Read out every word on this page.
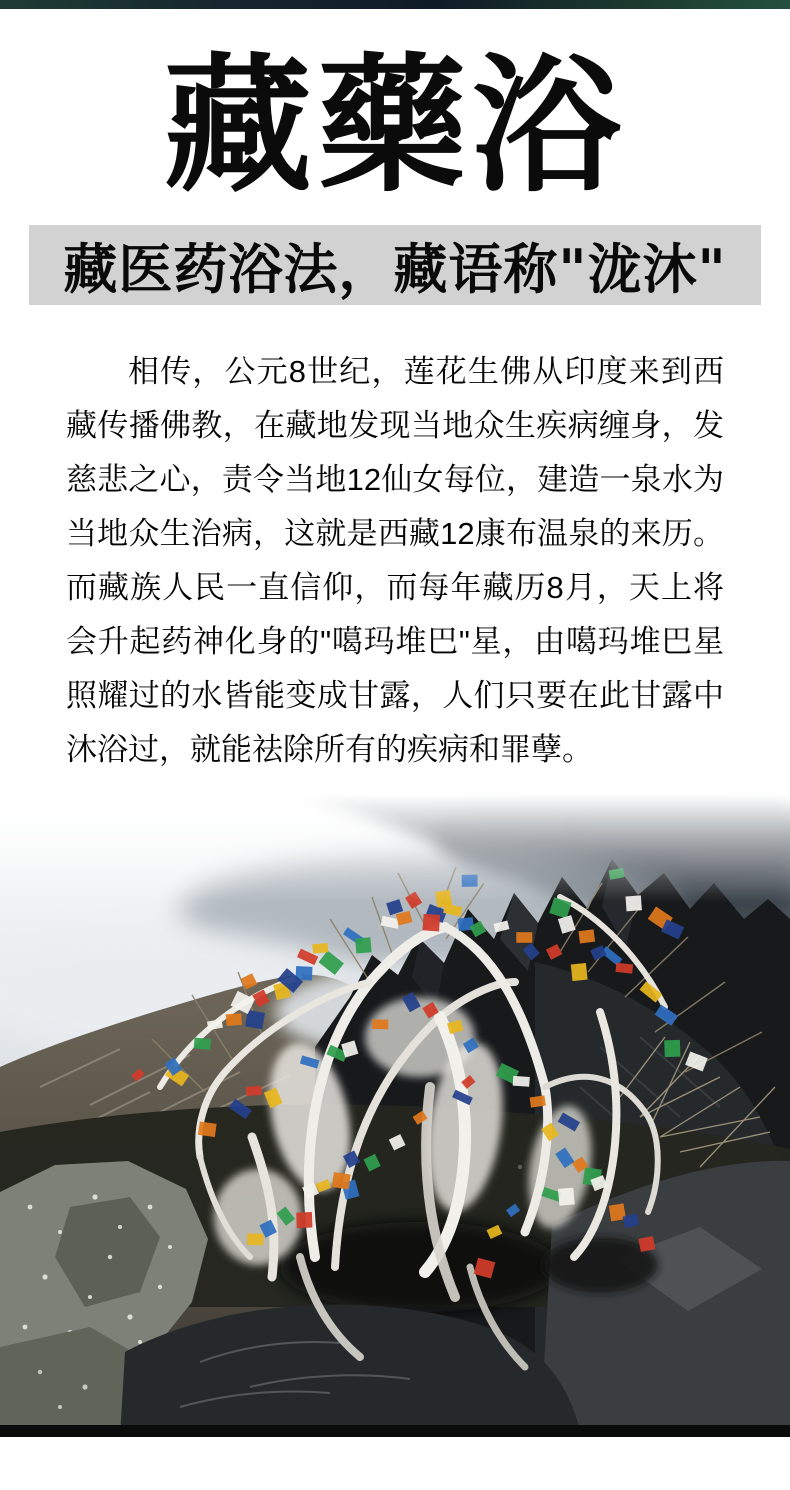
藏藥浴
藏医药浴法，藏语称"泷沐"

相传，公元8世纪，莲花生佛从印度来到西藏传播佛教，在藏地发现当地众生疾病缠身，发慈悲之心，责令当地12仙女每位，建造一泉水为当地众生治病，这就是西藏12康布温泉的来历。而藏族人民一直信仰，而每年藏历8月，天上将会升起药神化身的"噶玛堆巴"星，由噶玛堆巴星照耀过的水皆能变成甘露，人们只要在此甘露中沐浴过，就能祛除所有的疾病和罪孽。
